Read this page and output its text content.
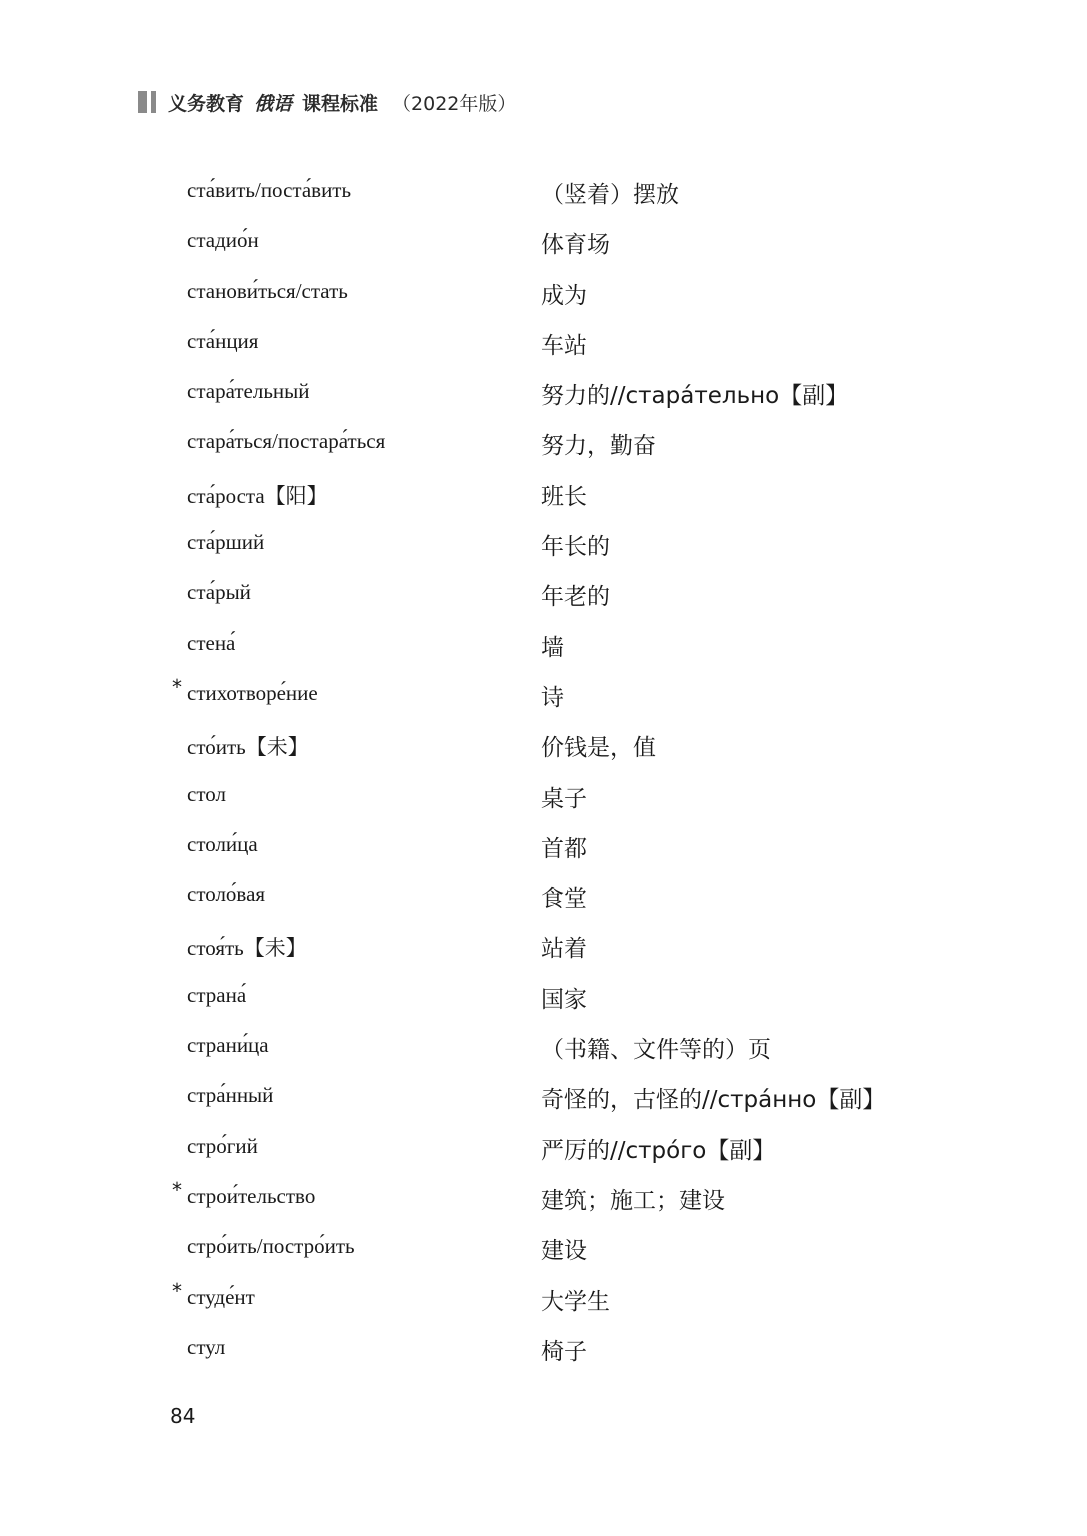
义务教育 俄语 课程标准 （2022年版）
ста́вить/поста́вить	（竖着）摆放
стадио́н	体育场
станови́ться/стать	成为
ста́нция	车站
стара́тельный	努力的//стара́тельно【副】
стара́ться/постара́ться	努力，勤奋
ста́роста【阳】	班长
ста́рший	年长的
ста́рый	年老的
стена́	墙
* стихотворе́ние	诗
сто́ить【未】	价钱是，值
стол	桌子
столи́ца	首都
столо́вая	食堂
стоя́ть【未】	站着
страна́	国家
страни́ца	（书籍、文件等的）页
стра́нный	奇怪的，古怪的//стра́нно【副】
стро́гий	严厉的//стро́го【副】
* строи́тельство	建筑；施工；建设
стро́ить/постро́ить	建设
* студе́нт	大学生
стул	椅子
84
